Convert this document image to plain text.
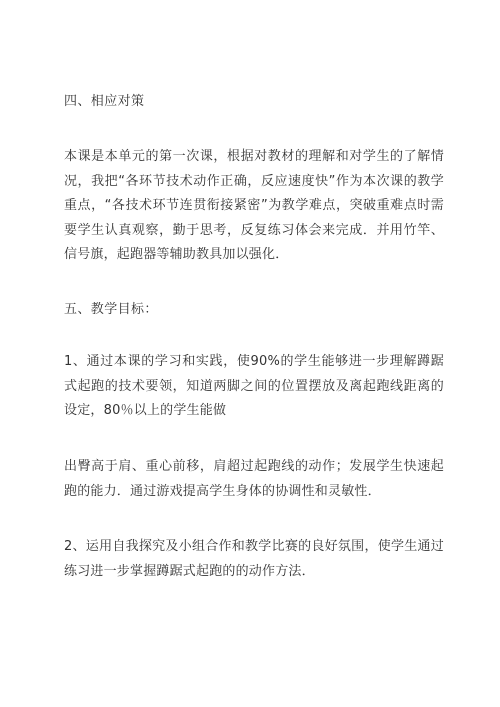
四、相应对策

本课是本单元的第一次课，根据对教材的理解和对学生的了解情况，我把“各环节技术动作正确，反应速度快”作为本次课的教学重点，“各技术环节连贯衔接紧密”为教学难点，突破重难点时需要学生认真观察，勤于思考，反复练习体会来完成．并用竹竿、信号旗，起跑器等辅助教具加以强化．

五、教学目标：

1、通过本课的学习和实践，使90%的学生能够进一步理解蹲踞式起跑的技术要领，知道两脚之间的位置摆放及离起跑线距离的设定，80％以上的学生能做

出臀高于肩、重心前移，肩超过起跑线的动作；发展学生快速起跑的能力．通过游戏提高学生身体的协调性和灵敏性．

2、运用自我探究及小组合作和教学比赛的良好氛围，使学生通过练习进一步掌握蹲踞式起跑的的动作方法．
